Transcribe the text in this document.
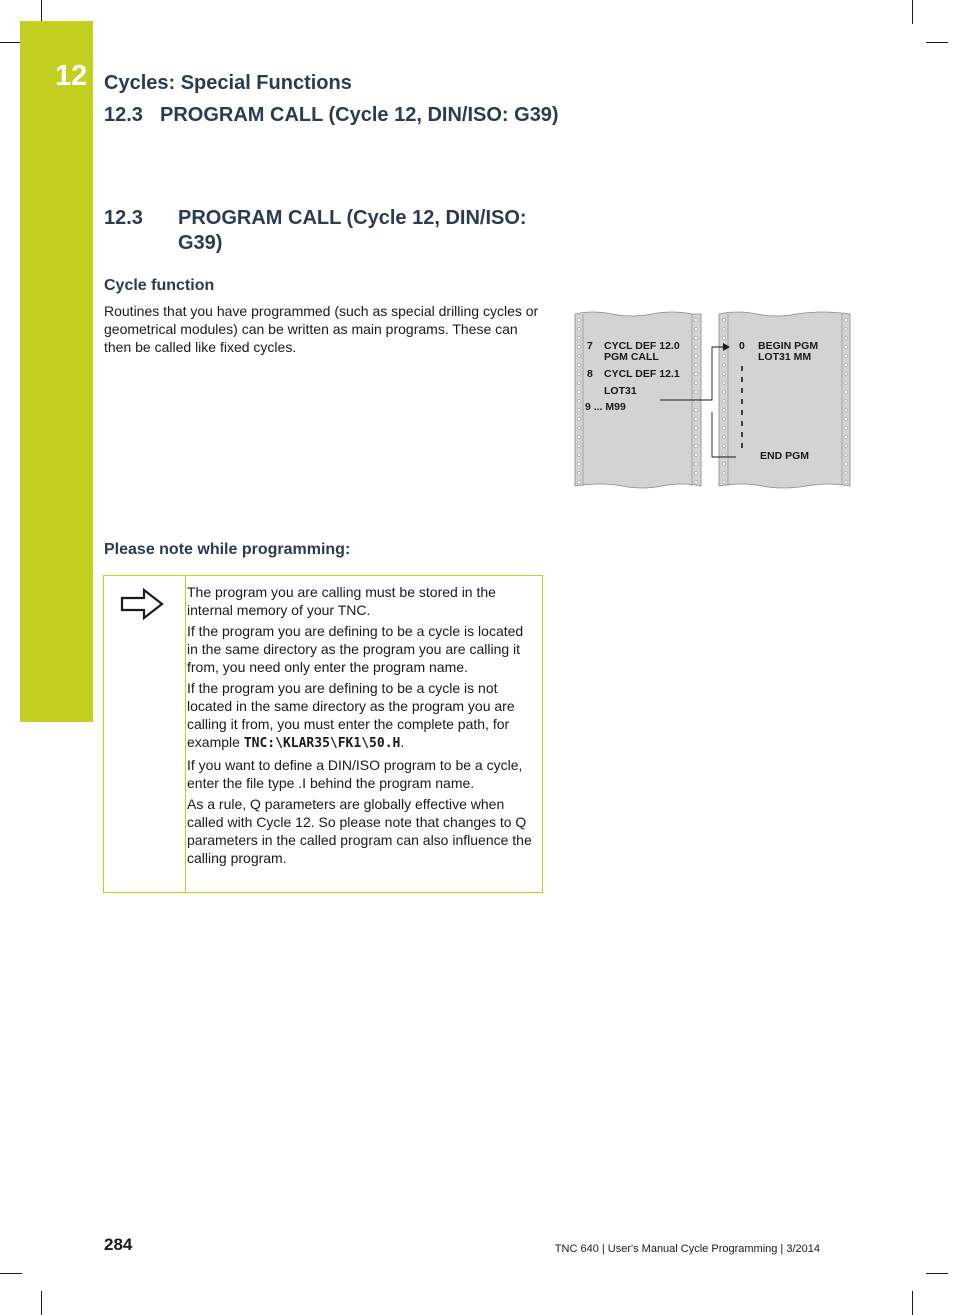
12 Cycles: Special Functions
12.3 PROGRAM CALL (Cycle 12, DIN/ISO: G39)
12.3 PROGRAM CALL (Cycle 12, DIN/ISO: G39)
Cycle function
Routines that you have programmed (such as special drilling cycles or geometrical modules) can be written as main programs. These can then be called like fixed cycles.	7 CYCL DEF 12.0
PGM CALL
8 CYCL DEF 12.1
LOT31
9 ... M99
0 BEGIN PGM
LOT31 MM
END PGM
Please note while programming:

The program you are calling must be stored in the internal memory of your TNC.

If the program you are defining to be a cycle is located in the same directory as the program you are calling it from, you need only enter the program name.

If the program you are defining to be a cycle is not located in the same directory as the program you are calling it from, you must enter the complete path, for example TNC:\KLAR35\FK1\50.H.

If you want to define a DIN/ISO program to be a cycle, enter the file type .I behind the program name.

As a rule, Q parameters are globally effective when called with Cycle 12. So please note that changes to Q parameters in the called program can also influence the calling program.

284	TNC 640 | User's Manual Cycle Programming | 3/2014
